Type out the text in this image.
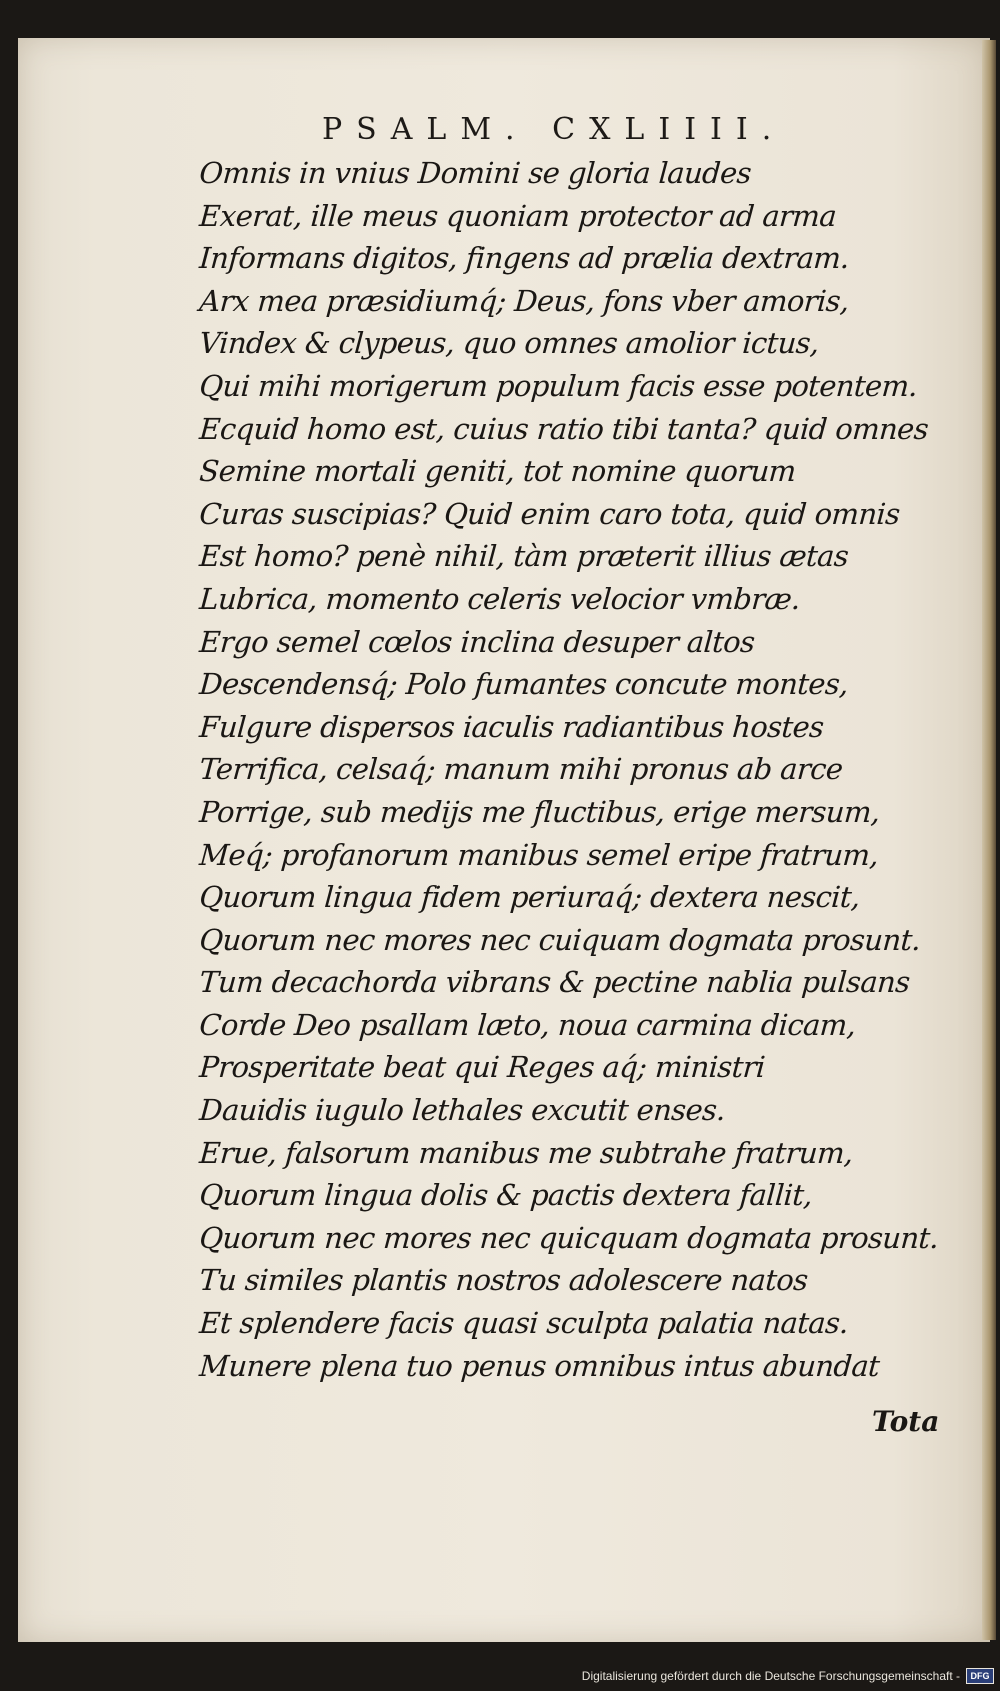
PSALM. CXLIIII.
Omnis in vnius Domini se gloria laudes
Exerat, ille meus quoniam protector ad arma
Informans digitos, fingens ad prælia dextram.
Arx mea præsidiumq́; Deus, fons vber amoris,
Vindex & clypeus, quo omnes amolior ictus,
Qui mihi morigerum populum facis esse potentem.
Ecquid homo est, cuius ratio tibi tanta? quid omnes
Semine mortali geniti, tot nomine quorum
Curas suscipias? Quid enim caro tota, quid omnis
Est homo? penè nihil, tàm præterit illius ætas
Lubrica, momento celeris velocior vmbræ.
Ergo semel cœlos inclina desuper altos
Descendensq́; Polo fumantes concute montes,
Fulgure dispersos iaculis radiantibus hostes
Terrifica, celsaq́; manum mihi pronus ab arce
Porrige, sub medijs me fluctibus, erige mersum,
Meq́; profanorum manibus semel eripe fratrum,
Quorum lingua fidem periuraq́; dextera nescit,
Quorum nec mores nec cuiquam dogmata prosunt.
Tum decachorda vibrans & pectine nablia pulsans
Corde Deo psallam læto, noua carmina dicam,
Prosperitate beat qui Reges aq́; ministri
Dauidis iugulo lethales excutit enses.
Erue, falsorum manibus me subtrahe fratrum,
Quorum lingua dolis & pactis dextera fallit,
Quorum nec mores nec quicquam dogmata prosunt.
Tu similes plantis nostros adolescere natos
Et splendere facis quasi sculpta palatia natas.
Munere plena tuo penus omnibus intus abundat
Tota
Digitalisierung gefördert durch die Deutsche Forschungsgemeinschaft -	DFG
